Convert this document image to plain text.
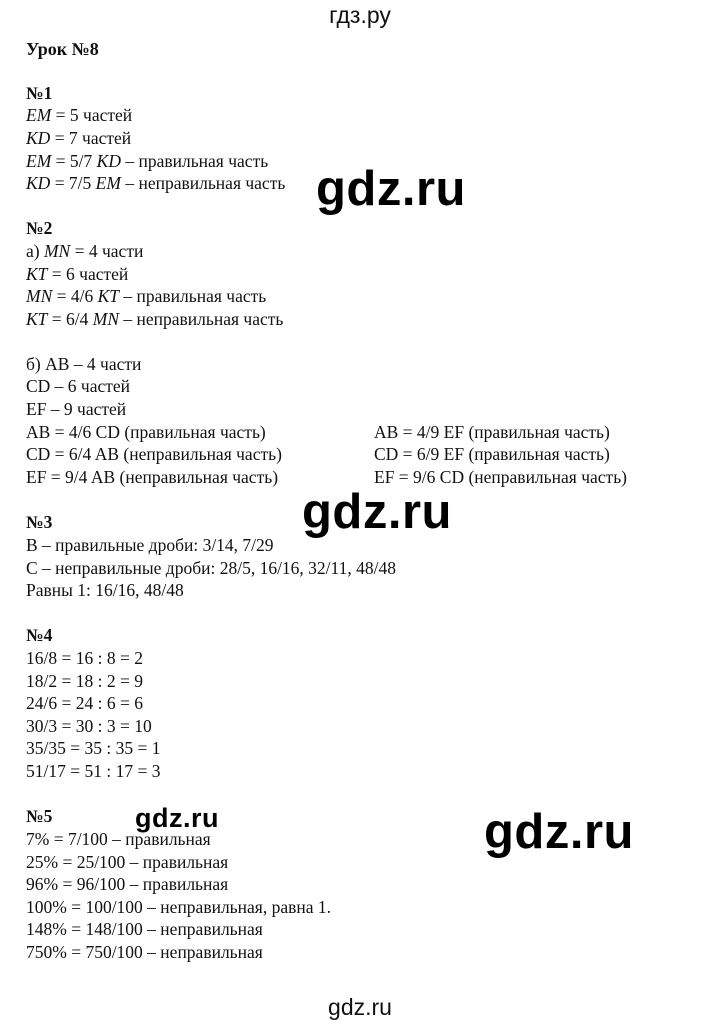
гдз.ру
Урок №8
№1
EM = 5 частей
KD = 7 частей
EM = 5/7 KD – правильная часть
KD = 7/5 EM – неправильная часть
№2
а) MN = 4 части
KT = 6 частей
MN = 4/6 KT – правильная часть
KT = 6/4 MN – неправильная часть
б) AB – 4 части
CD – 6 частей
EF – 9 частей
AB = 4/6 CD (правильная часть)
CD = 6/4 AB (неправильная часть)
EF = 9/4 AB (неправильная часть)
AB = 4/9 EF (правильная часть)
CD = 6/9 EF (правильная часть)
EF = 9/6 CD (неправильная часть)
№3
B – правильные дроби: 3/14, 7/29
C – неправильные дроби: 28/5, 16/16, 32/11, 48/48
Равны 1: 16/16, 48/48
№4
16/8 = 16 : 8 = 2
18/2 = 18 : 2 = 9
24/6 = 24 : 6 = 6
30/3 = 30 : 3 = 10
35/35 = 35 : 35 = 1
51/17 = 51 : 17 = 3
№5
7% = 7/100 – правильная
25% = 25/100 – правильная
96% = 96/100 – правильная
100% = 100/100 – неправильная, равна 1.
148% = 148/100 – неправильная
750% = 750/100 – неправильная
gdz.ru
gdz.ru
gdz.ru	gdz.ru
gdz.ru
